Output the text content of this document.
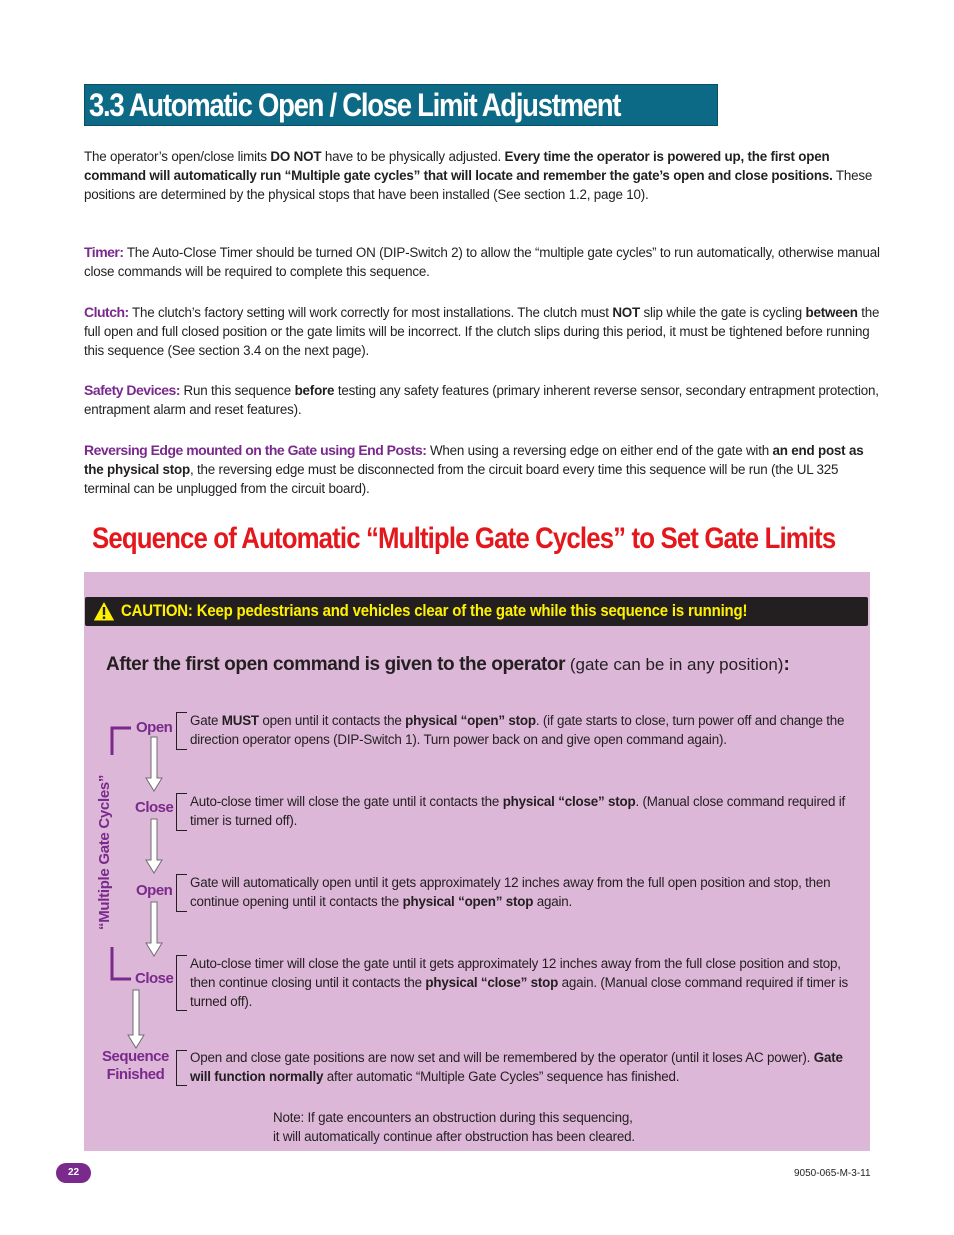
3.3 Automatic Open / Close Limit Adjustment
The operator’s open/close limits DO NOT have to be physically adjusted. Every time the operator is powered up, the first open command will automatically run “Multiple gate cycles” that will locate and remember the gate’s open and close positions. These positions are determined by the physical stops that have been installed (See section 1.2, page 10).
Timer: The Auto-Close Timer should be turned ON (DIP-Switch 2) to allow the “multiple gate cycles” to run automatically, otherwise manual close commands will be required to complete this sequence.
Clutch: The clutch’s factory setting will work correctly for most installations. The clutch must NOT slip while the gate is cycling between the full open and full closed position or the gate limits will be incorrect. If the clutch slips during this period, it must be tightened before running this sequence (See section 3.4 on the next page).
Safety Devices: Run this sequence before testing any safety features (primary inherent reverse sensor, secondary entrapment protection, entrapment alarm and reset features).
Reversing Edge mounted on the Gate using End Posts: When using a reversing edge on either end of the gate with an end post as the physical stop, the reversing edge must be disconnected from the circuit board every time this sequence will be run (the UL 325 terminal can be unplugged from the circuit board).
Sequence of Automatic “Multiple Gate Cycles” to Set Gate Limits
CAUTION: Keep pedestrians and vehicles clear of the gate while this sequence is running!
After the first open command is given to the operator (gate can be in any position):
“Multiple Gate Cycles”
Open Gate MUST open until it contacts the physical “open” stop. (if gate starts to close, turn power off and change the direction operator opens (DIP-Switch 1). Turn power back on and give open command again).
Close Auto-close timer will close the gate until it contacts the physical “close” stop. (Manual close command required if timer is turned off).
Open Gate will automatically open until it gets approximately 12 inches away from the full open position and stop, then continue opening until it contacts the physical “open” stop again.
Close
Auto-close timer will close the gate until it gets approximately 12 inches away from the full close position and stop, then continue closing until it contacts the physical “close” stop again. (Manual close command required if timer is turned off).
Sequence
Finished
Open and close gate positions are now set and will be remembered by the operator (until it loses AC power). Gate will function normally after automatic “Multiple Gate Cycles” sequence has finished.
Note: If gate encounters an obstruction during this sequencing,
it will automatically continue after obstruction has been cleared.
22	9050-065-M-3-11
